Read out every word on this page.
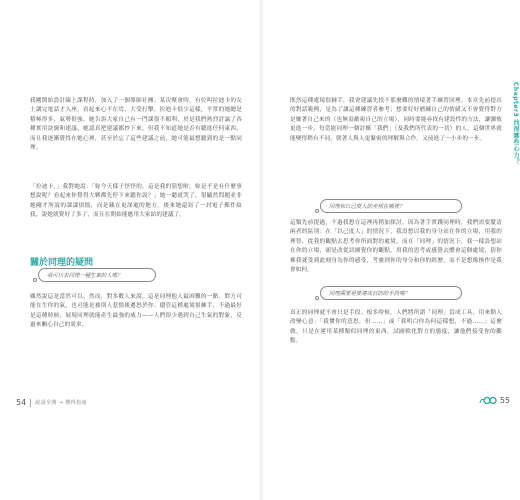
我剛開始設計線上課程時，加入了一個導師社團。某次聚會時，有位叫拉迪卡的女士講完電話才入座，看起來心不在焉、大受打擊。拉迪卡很少這樣，平常的她總是積極得多，氣勢很強。她告訴大家自己有一門課很不順利，於是我們熱烈討論了各種實用訣竅和建議。她認真把建議都抄下來，但我不知道她是否有聽進任何東西，而且我逐漸覺得在她心裡，甚至於忘了這些建議之前，她可能最想聽到的是一點同理。

「拉迪卡，」我對她說：「妳今天樣子怪怪的。這是我的猜想啦，妳是不是有什麼事想說呢？看起來你覺得大夥都先停下來聽你說？」她一聽就哭了，很顯然問題並非她剛才所說的課課煩惱，而是藏在更深處的地方。後來她還寫了一封電子郵件給我，說她就覺好了多了，而且在開始能應用大家給的建議了。

關於同理的疑問
我可以表同理一種生氣的人嗎？

雖然說這是當然可以，然而，對多數人來說，這是同理他人最困難的一點。對方可能在生你的氣，也可能是被別人惹惱後遷怒於你。儘管這種處境很棘手，不過最好是這種時候，展現同理就能產生最強的威力——人們很少遇到自己生氣的對象，反過來關心自己的需求。

54 說話全開 → 獲得指南
Chapter3 找得哪些心力？

既然這種處境很棘手，我會建議先找不那麼難的情境著手練習同理。本章先前提出的對話範例，是為了讓這種練習者參考；想要好好磨練自己的情緒又不會覺得對方是嫌著自己來的（也無須敵視自己的立場），同時要能尋找有建設性的方法，讓彌彼更進一步。每當能同理一個討厭「我們」（及我們所代表的一切）的人，這個世界就能變得稍有不同，朝著人與人更緊密的理解與合作，又前進了一小步的一步。

同理和以己度人的差別在哪裡？

這類先前提過，不過我想在這裡再稍加探討，因為著手實踐同理時，我們需要釐清兩者的區別：在「以己度人」的情況下，我設想以我的身分站在你的立場，用我的理智、從我的觀點去思考你所面對的處境。而在「同理」的情況下，我一樣設想站在你的立場，卻是改從試圖覺你的觀點，用我的思考或感覺去體會這個處境，猜你佛我就受到此刻身為你的感受，考慮到你的身分和你的經歷，而不是想像換作是我會如何。

同理需要是要達成目的的手段嗎？

真正的同理就不會只是手段。根多時候，人們將所謂「同理」當成工具，用來動人改變心意：「我懂你的意思，但……」或「我明白你為何這樣想，不過……」這麼做，只是在運用某種類似同理的東西，試圖軟化對方的態度，讓他們接受你的觀點。

55
